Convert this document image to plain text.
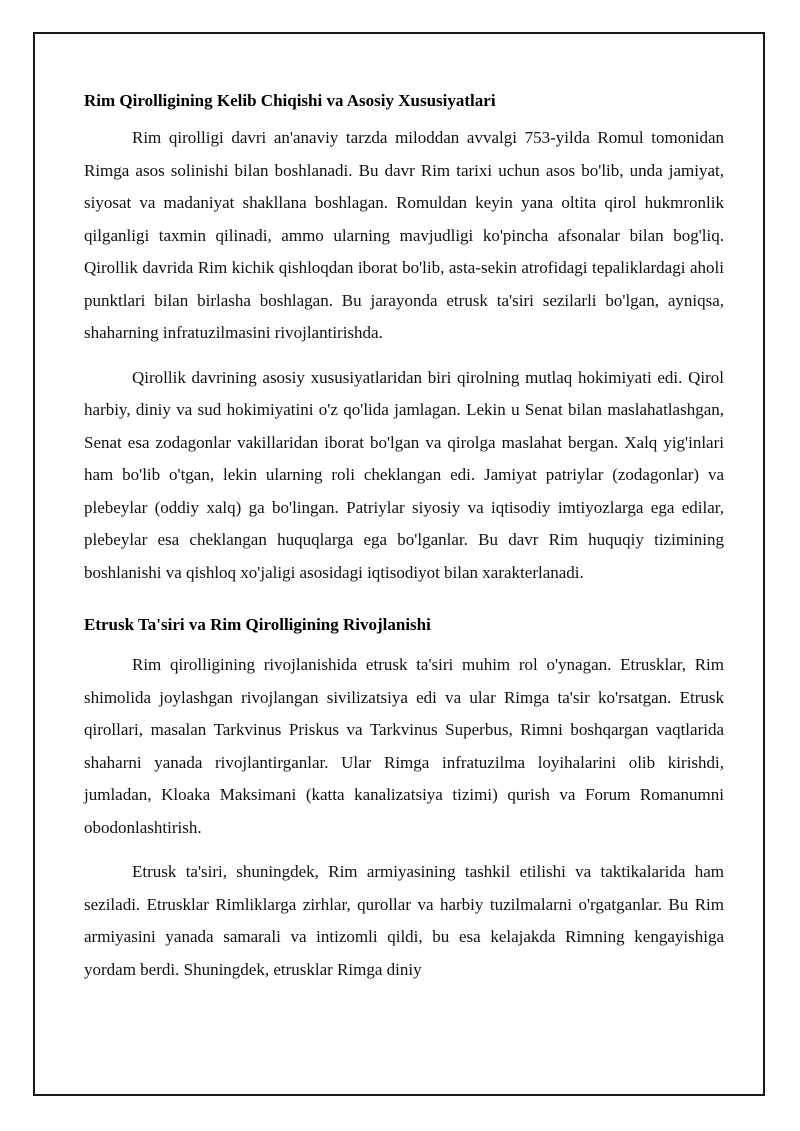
Rim Qirolligining Kelib Chiqishi va Asosiy Xususiyatlari

Rim qirolligi davri an'anaviy tarzda miloddan avvalgi 753-yilda Romul tomonidan Rimga asos solinishi bilan boshlanadi. Bu davr Rim tarixi uchun asos bo'lib, unda jamiyat, siyosat va madaniyat shakllana boshlagan. Romuldan keyin yana oltita qirol hukmronlik qilganligi taxmin qilinadi, ammo ularning mavjudligi ko'pincha afsonalar bilan bog'liq. Qirollik davrida Rim kichik qishloqdan iborat bo'lib, asta-sekin atrofidagi tepaliklardagi aholi punktlari bilan birlasha boshlagan. Bu jarayonda etrusk ta'siri sezilarli bo'lgan, ayniqsa, shaharning infratuzilmasini rivojlantirishda.

Qirollik davrining asosiy xususiyatlaridan biri qirolning mutlaq hokimiyati edi. Qirol harbiy, diniy va sud hokimiyatini o'z qo'lida jamlagan. Lekin u Senat bilan maslahatlashgan, Senat esa zodagonlar vakillaridan iborat bo'lgan va qirolga maslahat bergan. Xalq yig'inlari ham bo'lib o'tgan, lekin ularning roli cheklangan edi. Jamiyat patriylar (zodagonlar) va plebeylar (oddiy xalq) ga bo'lingan. Patriylar siyosiy va iqtisodiy imtiyozlarga ega edilar, plebeylar esa cheklangan huquqlarga ega bo'lganlar. Bu davr Rim huquqiy tizimining boshlanishi va qishloq xo'jaligi asosidagi iqtisodiyot bilan xarakterlanadi.

Etrusk Ta'siri va Rim Qirolligining Rivojlanishi

Rim qirolligining rivojlanishida etrusk ta'siri muhim rol o'ynagan. Etrusklar, Rim shimolida joylashgan rivojlangan sivilizatsiya edi va ular Rimga ta'sir ko'rsatgan. Etrusk qirollari, masalan Tarkvinus Priskus va Tarkvinus Superbus, Rimni boshqargan vaqtlarida shaharni yanada rivojlantirganlar. Ular Rimga infratuzilma loyihalarini olib kirishdi, jumladan, Kloaka Maksimani (katta kanalizatsiya tizimi) qurish va Forum Romanumni obodonlashtirish.

Etrusk ta'siri, shuningdek, Rim armiyasining tashkil etilishi va taktikalarida ham seziladi. Etrusklar Rimliklarga zirhlar, qurollar va harbiy tuzilmalarni o'rgatganlar. Bu Rim armiyasini yanada samarali va intizomli qildi, bu esa kelajakda Rimning kengayishiga yordam berdi. Shuningdek, etrusklar Rimga diniy
